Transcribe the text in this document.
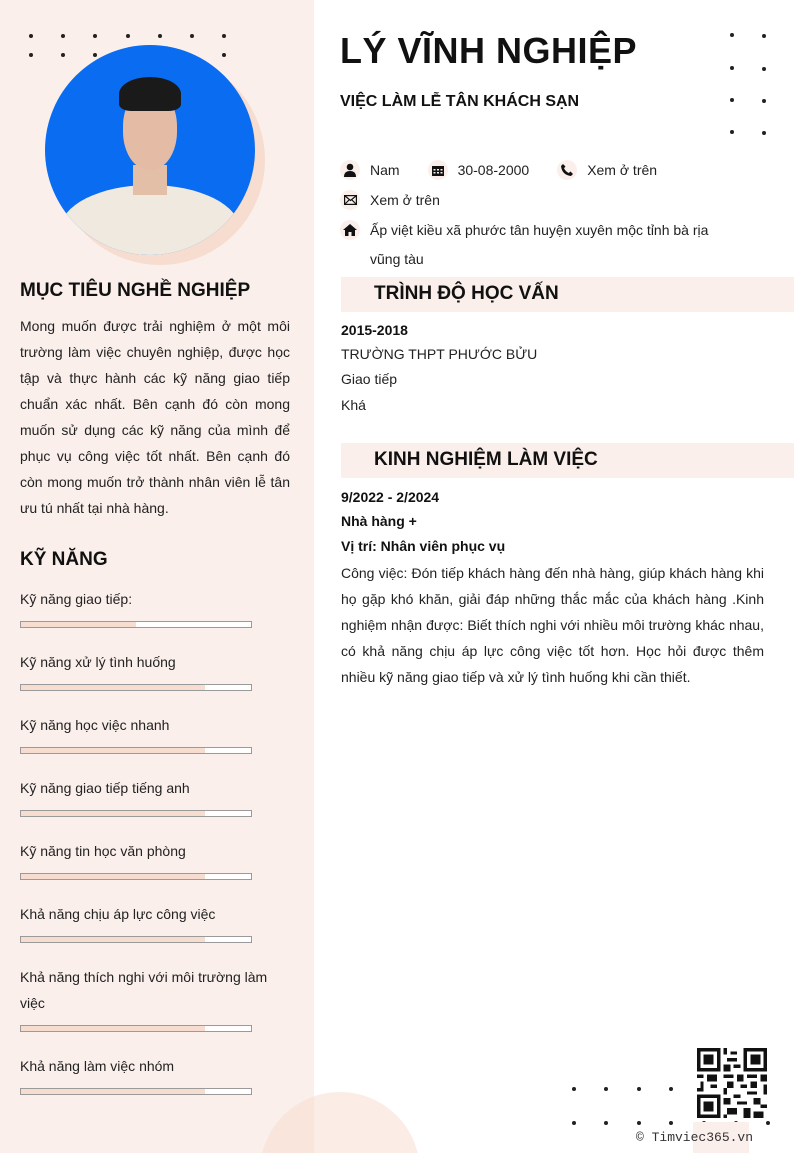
LÝ VĨNH NGHIỆP
VIỆC LÀM LỄ TÂN KHÁCH SẠN
Nam	30-08-2000	Xem ở trên
Xem ở trên
Ấp việt kiều xã phước tân huyện xuyên mộc tỉnh bà rịa
vũng tàu
MỤC TIÊU NGHỀ NGHIỆP
Mong muốn được trải nghiệm ở một môi trường làm việc chuyên nghiệp, được học tập và thực hành các kỹ năng giao tiếp chuẩn xác nhất. Bên cạnh đó còn mong muốn sử dụng các kỹ năng của mình để phục vụ công việc tốt nhất. Bên cạnh đó còn mong muốn trở thành nhân viên lễ tân ưu tú nhất tại nhà hàng.
KỸ NĂNG
Kỹ năng giao tiếp:
Kỹ năng xử lý tình huống
Kỹ năng học việc nhanh
Kỹ năng giao tiếp tiếng anh
Kỹ năng tin học văn phòng
Khả năng chịu áp lực công việc
Khả năng thích nghi với môi trường làm việc
Khả năng làm việc nhóm
TRÌNH ĐỘ HỌC VẤN
2015-2018
TRƯỜNG THPT PHƯỚC BỬU
Giao tiếp
Khá
KINH NGHIỆM LÀM VIỆC
9/2022 - 2/2024
Nhà hàng +
Vị trí: Nhân viên phục vụ
Công việc: Đón tiếp khách hàng đến nhà hàng, giúp khách hàng khi họ gặp khó khăn, giải đáp những thắc mắc của khách hàng .Kinh nghiệm nhận được: Biết thích nghi với nhiều môi trường khác nhau, có khả năng chịu áp lực công việc tốt hơn. Học hỏi được thêm nhiều kỹ năng giao tiếp và xử lý tình huống khi cần thiết.
© Timviec365.vn
